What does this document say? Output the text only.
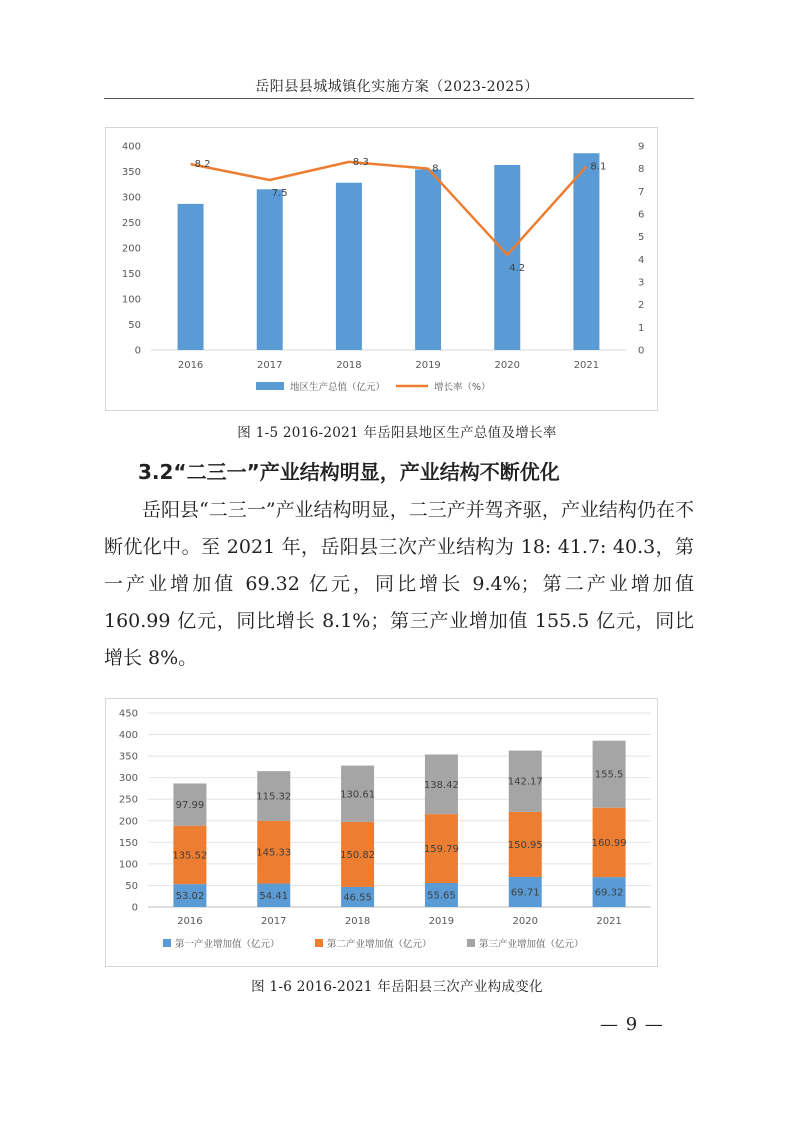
岳阳县县城城镇化实施方案（2023-2025）
0
50
100
150
200
250
300
350
400
0
1
2
3
4
5
6
7
8
9
2016	2017	2018	2019	2020	2021
8.2
7.5
8.3
8
4.2
8.1
地区生产总值（亿元）	增长率（%）
图 1-5 2016-2021 年岳阳县地区生产总值及增长率
3.2“二三一”产业结构明显，产业结构不断优化

岳阳县“二三一”产业结构明显，二三产并驾齐驱，产业结构仍在不断优化中。至 2021 年，岳阳县三次产业结构为 18: 41.7: 40.3，第一产业增加值 69.32 亿元，同比增长 9.4%；第二产业增加值 160.99 亿元，同比增长 8.1%；第三产业增加值 155.5 亿元，同比增长 8%。

0
50
100
150
200
250
300
350
400
450
53.02
135.52
97.99
2016
54.41
145.33
115.32
2017
46.55
150.82
130.61
2018
55.65
159.79
138.42
2019
69.71
150.95
142.17
2020
69.32
160.99
155.5
2021
第一产业增加值（亿元）	第二产业增加值（亿元）	第三产业增加值（亿元）
图 1-6 2016-2021 年岳阳县三次产业构成变化
— 9 —
